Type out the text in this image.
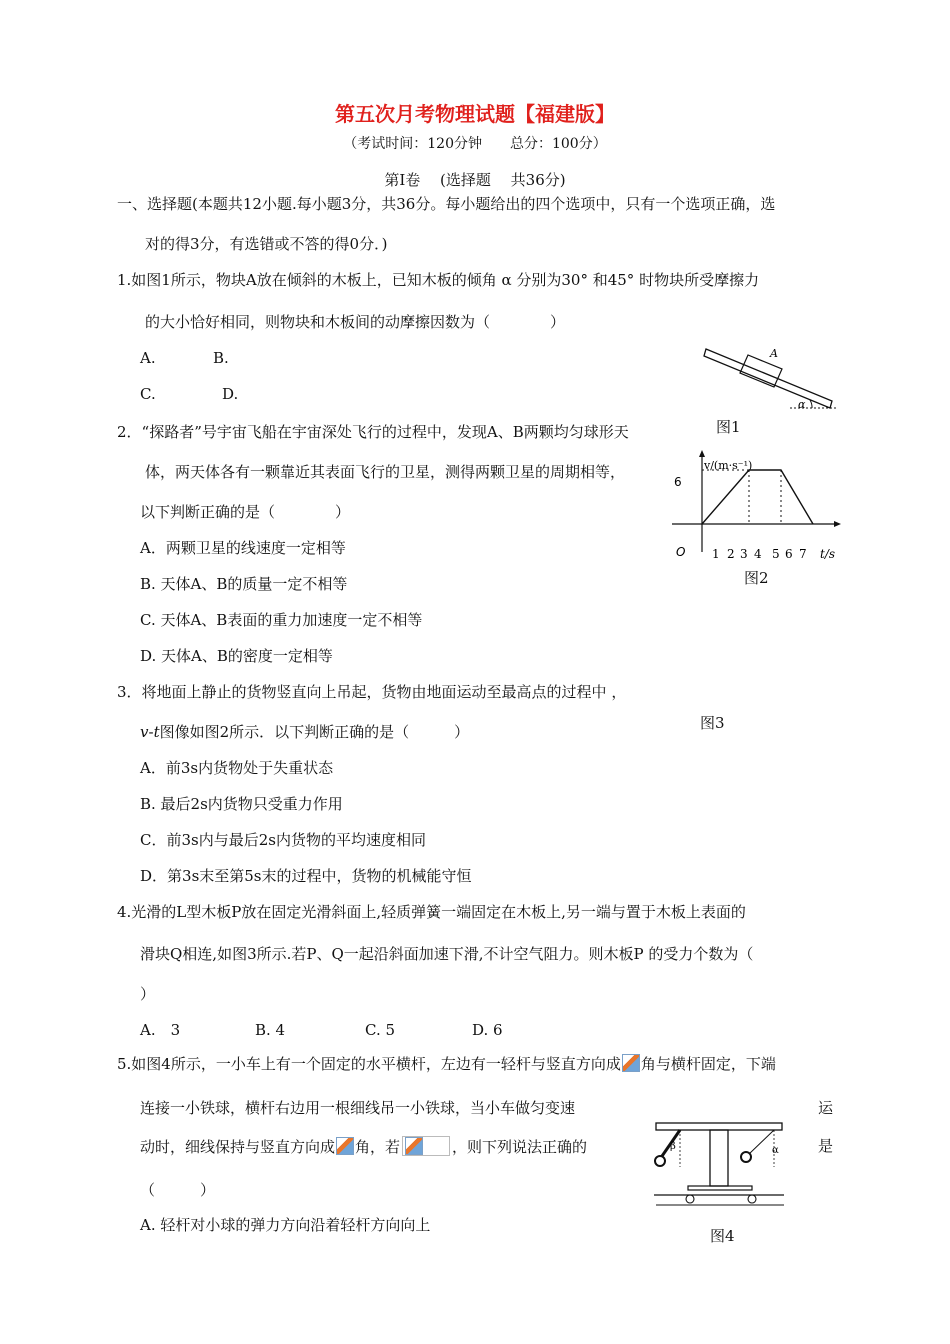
第五次月考物理试题【福建版】
（考试时间：120分钟　　总分：100分）
第Ⅰ卷　 (选择题　 共36分)
一、选择题(本题共12小题.每小题3分，共36分。每小题给出的四个选项中，只有一个选项正确，选
对的得3分，有选错或不答的得0分．)
1.如图1所示，物块A放在倾斜的木板上，已知木板的倾角 α 分别为30° 和45° 时物块所受摩擦力
的大小恰好相同，则物块和木板间的动摩擦因数为（　　　　）
A.	B.
C.	D.
A
α
图1
2．“探路者”号宇宙飞船在宇宙深处飞行的过程中，发现A、B两颗均匀球形天
体，两天体各有一颗靠近其表面飞行的卫星，测得两颗卫星的周期相等，
以下判断正确的是（　　　　）
A．两颗卫星的线速度一定相等
B. 天体A、B的质量一定不相等
C. 天体A、B表面的重力加速度一定不相等
D. 天体A、B的密度一定相等
v/(m·s⁻¹)
6
O 1 2 3 4 5 6 7 t/s
图2
3．将地面上静止的货物竖直向上吊起，货物由地面运动至最高点的过程中 ，
v-t图像如图2所示．以下判断正确的是（　　　）	图3
A．前3s内货物处于失重状态
B. 最后2s内货物只受重力作用
C．前3s内与最后2s内货物的平均速度相同
D．第3s末至第5s末的过程中，货物的机械能守恒
4.光滑的L型木板P放在固定光滑斜面上,轻质弹簧一端固定在木板上,另一端与置于木板上表面的
滑块Q相连,如图3所示.若P、Q一起沿斜面加速下滑,不计空气阻力。则木板P 的受力个数为（
）
A.　3	B. 4	C. 5	D. 6
5.如图4所示，一小车上有一个固定的水平横杆，左边有一轻杆与竖直方向成 角与横杆固定，下端
连接一小铁球，横杆右边用一根细线吊一小铁球，当小车做匀变速	运
动时，细线保持与竖直方向成 角，若	，则下列说法正确的	是
（　　　）
A. 轻杆对小球的弹力方向沿着轻杆方向向上
β	α
图4
